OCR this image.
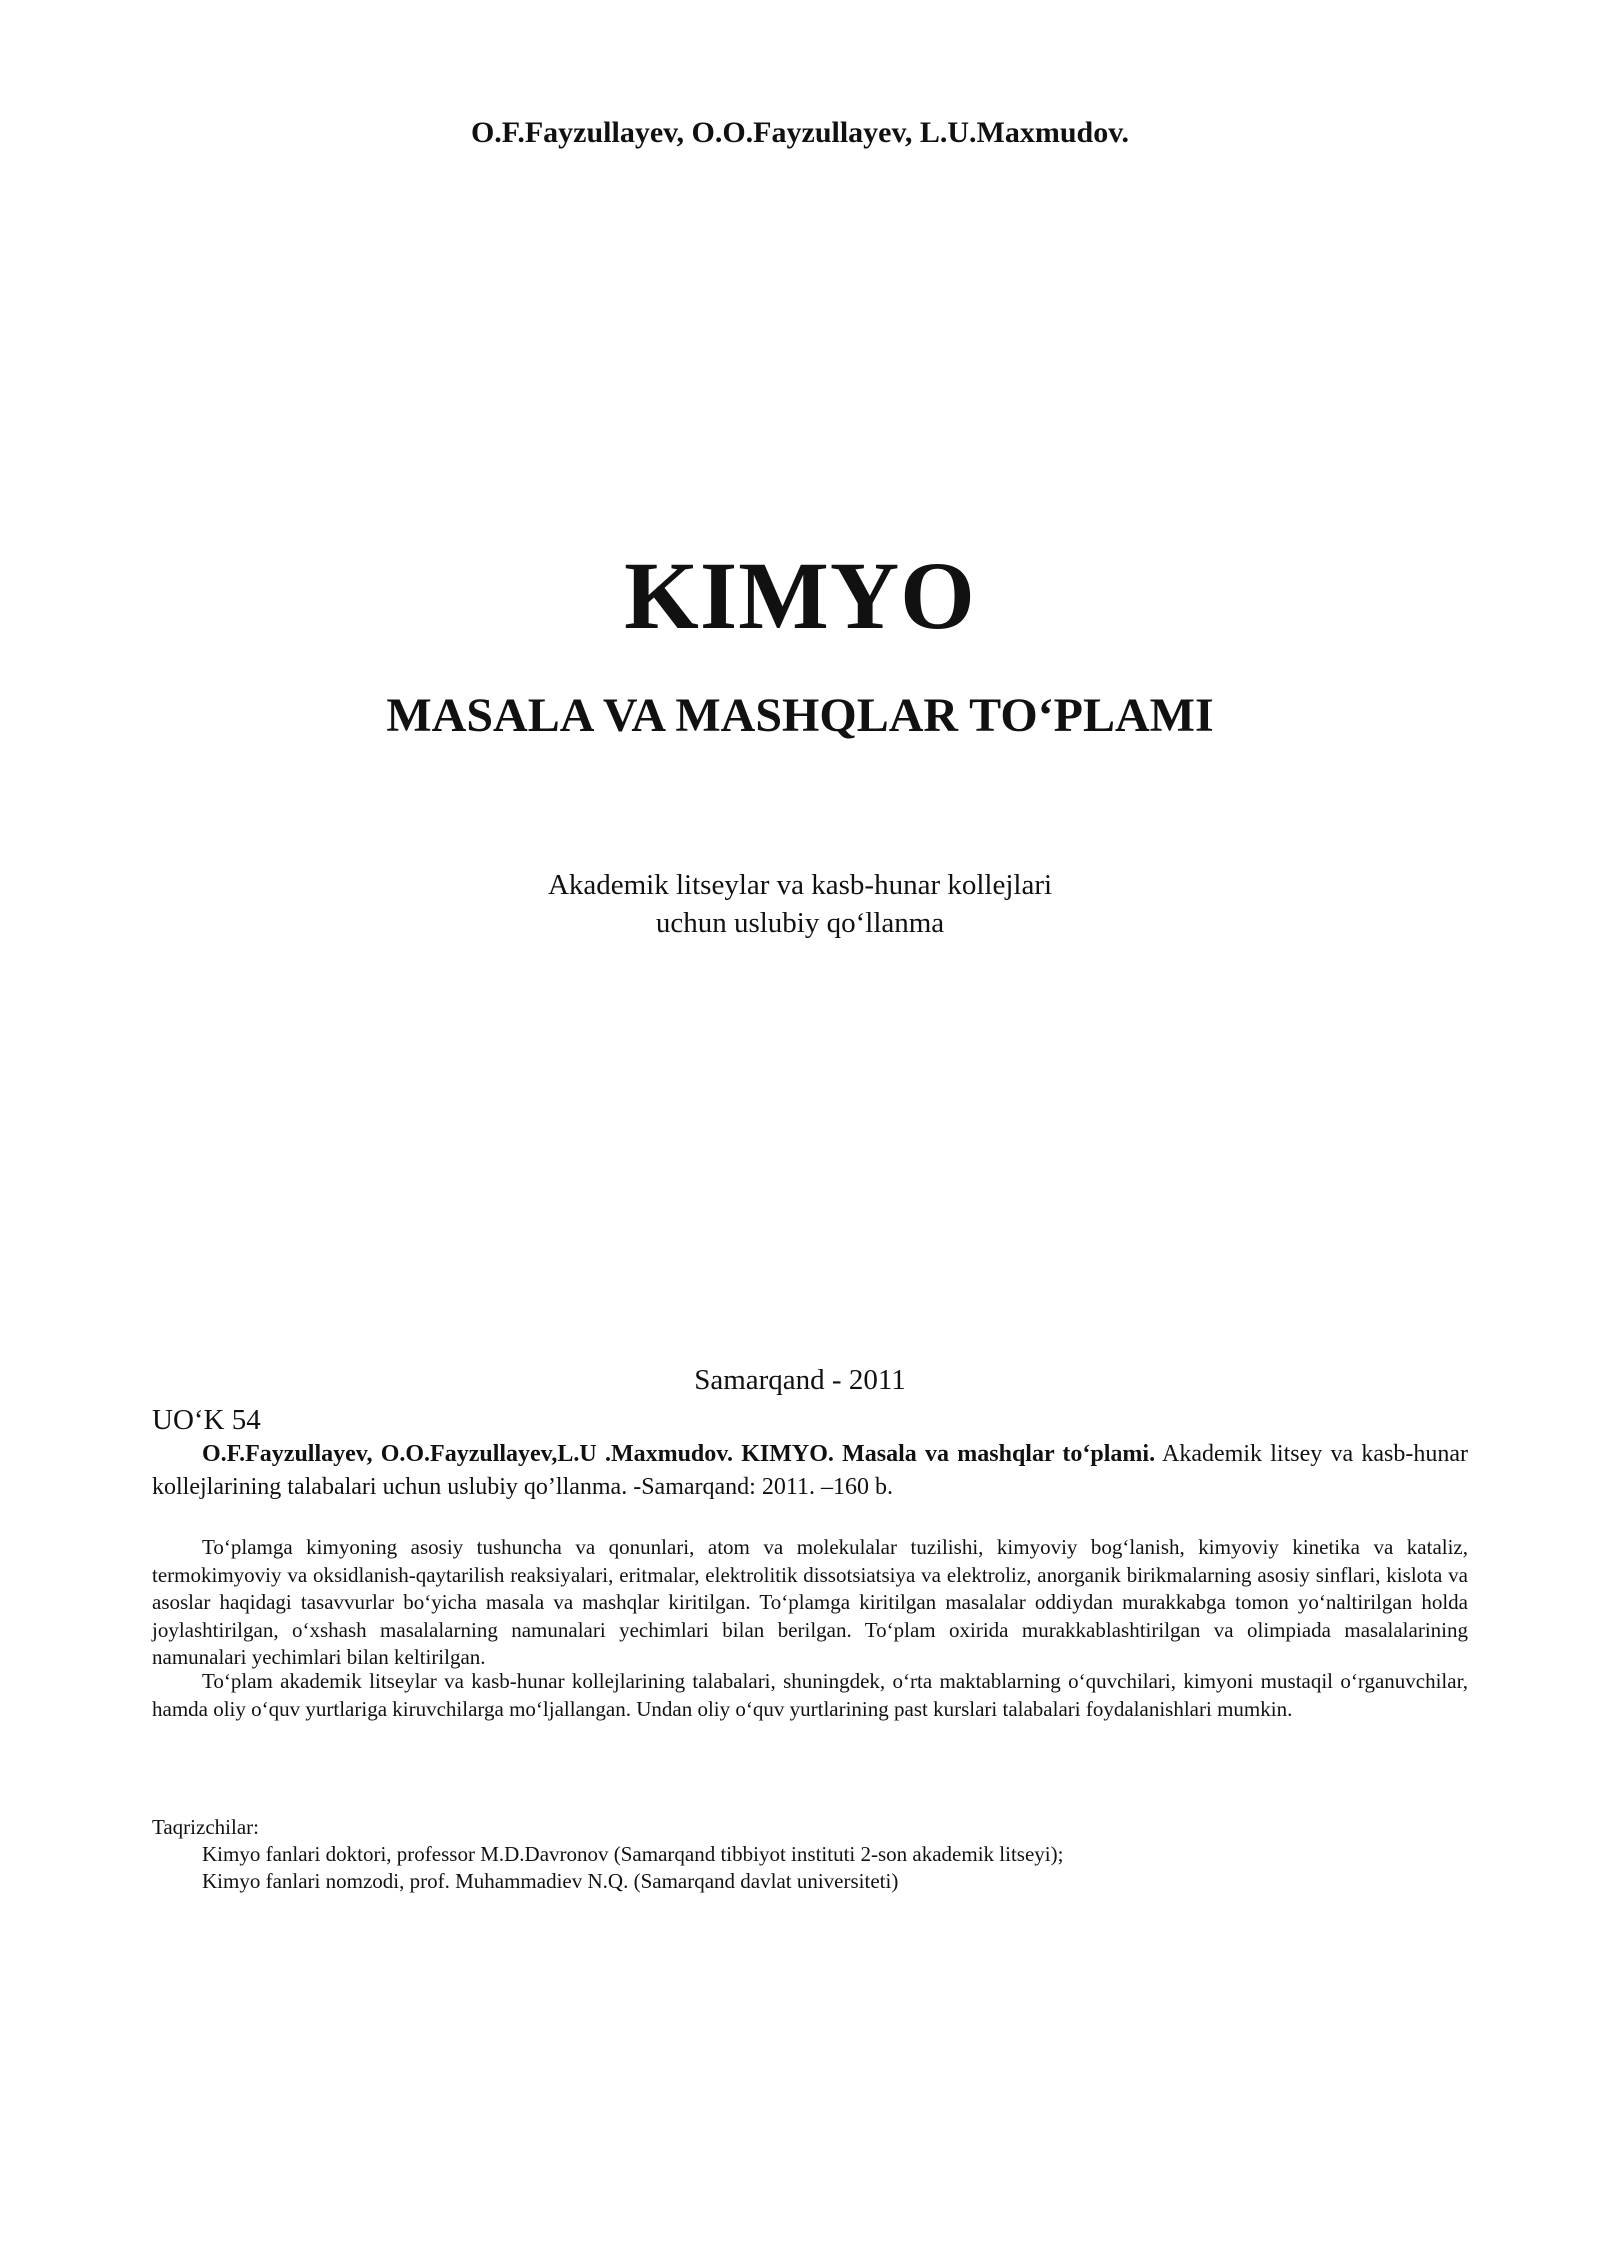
O.F.Fayzullayev, O.O.Fayzullayev, L.U.Maxmudov.
KIMYO
MASALA VA MASHQLAR TO‘PLAMI
Akademik litseylar va kasb-hunar kollejlari
uchun uslubiy qo‘llanma
Samarqand - 2011
UO‘K 54

O.F.Fayzullayev, O.O.Fayzullayev,L.U .Maxmudov. KIMYO. Masala va mashqlar to‘plami. Akademik litsey va kasb-hunar kollejlarining talabalari uchun uslubiy qo’llanma. -Samarqand: 2011. –160 b.

To‘plamga kimyoning asosiy tushuncha va qonunlari, atom va molekulalar tuzilishi, kimyoviy bog‘lanish, kimyoviy kinetika va kataliz, termokimyoviy va oksidlanish-qaytarilish reaksiyalari, eritmalar, elektrolitik dissotsiatsiya va elektroliz, anorganik birikmalarning asosiy sinflari, kislota va asoslar haqidagi tasavvurlar bo‘yicha masala va mashqlar kiritilgan. To‘plamga kiritilgan masalalar oddiydan murakkabga tomon yo‘naltirilgan holda joylashtirilgan, o‘xshash masalalarning namunalari yechimlari bilan berilgan. To‘plam oxirida murakkablashtirilgan va olimpiada masalalarining namunalari yechimlari bilan keltirilgan.

To‘plam akademik litseylar va kasb-hunar kollejlarining talabalari, shuningdek, o‘rta maktablarning o‘quvchilari, kimyoni mustaqil o‘rganuvchilar, hamda oliy o‘quv yurtlariga kiruvchilarga mo‘ljallangan. Undan oliy o‘quv yurtlarining past kurslari talabalari foydalanishlari mumkin.

Taqrizchilar:
Kimyo fanlari doktori, professor M.D.Davronov (Samarqand tibbiyot instituti 2-son akademik litseyi);
Kimyo fanlari nomzodi, prof. Muhammadiev N.Q. (Samarqand davlat universiteti)
